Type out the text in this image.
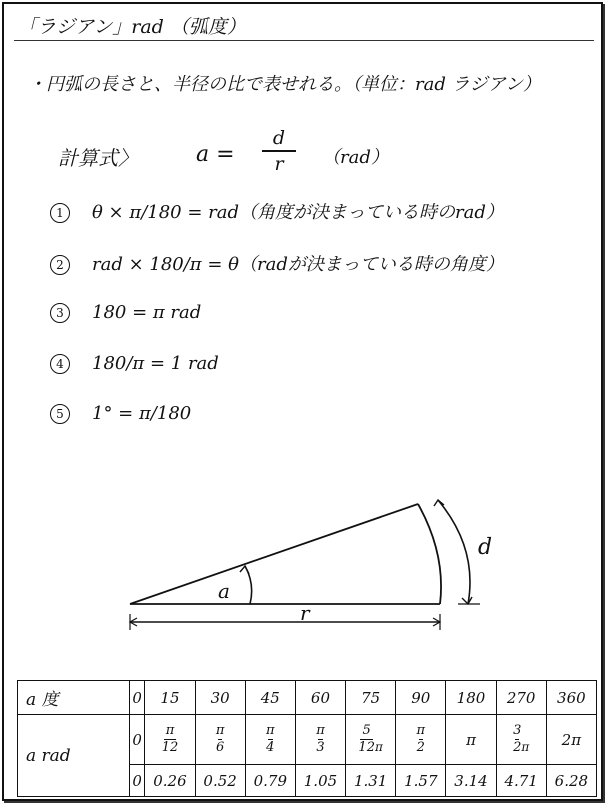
「ラジアン」rad （弧度）
・円弧の長さと、半径の比で表せれる。（単位：rad ラジアン）
計算式〉	a =
d
r	（rad）
1 θ × π/180 = rad（角度が決まっている時のrad）
2 rad × 180/π = θ（radが決まっている時の角度）
3 180 = π rad
4 180/π = 1 rad
5 1° = π/180
a
d
r
a 度	0	15	30	45	60	75	90	180	270	360
a rad	0	$\frac{\pi}{12}$	$\frac{\pi}{6}$	$\frac{\pi}{4}$	$\frac{\pi}{3}$	$\frac{5}{12}$ π	$\frac{\pi}{2}$	π	$\frac{3}{2}$ π	2π
	0	0.26	0.52	0.79	1.05	1.31	1.57	3.14	4.71	6.28
